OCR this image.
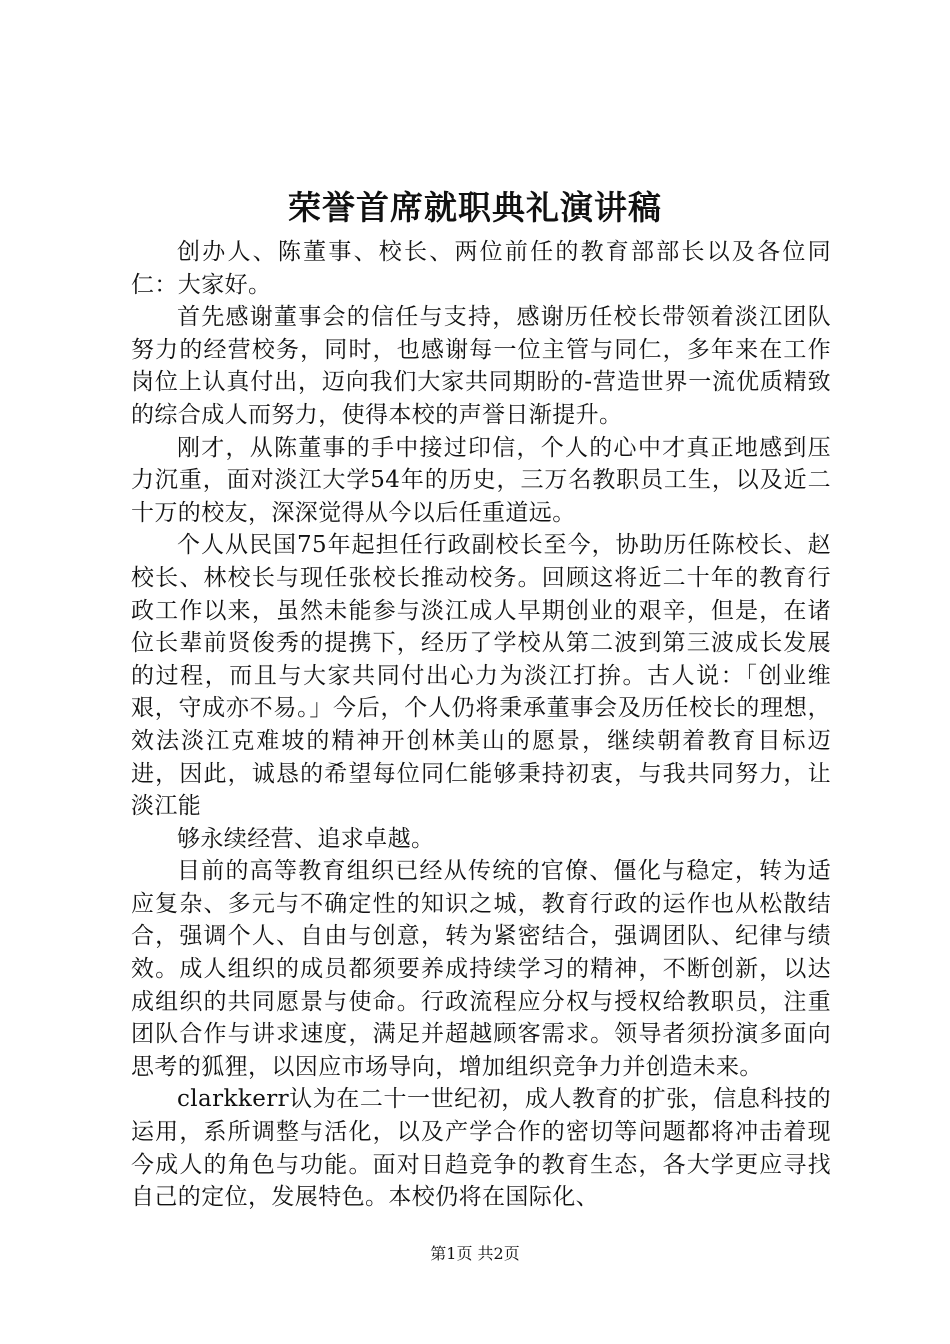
荣誉首席就职典礼演讲稿

创办人、陈董事、校长、两位前任的教育部部长以及各位同仁：大家好。

首先感谢董事会的信任与支持，感谢历任校长带领着淡江团队努力的经营校务，同时，也感谢每一位主管与同仁，多年来在工作岗位上认真付出，迈向我们大家共同期盼的-营造世界一流优质精致的综合成人而努力，使得本校的声誉日渐提升。

刚才，从陈董事的手中接过印信，个人的心中才真正地感到压力沉重，面对淡江大学54年的历史，三万名教职员工生，以及近二十万的校友，深深觉得从今以后任重道远。

个人从民国75年起担任行政副校长至今，协助历任陈校长、赵校长、林校长与现任张校长推动校务。回顾这将近二十年的教育行政工作以来，虽然未能参与淡江成人早期创业的艰辛，但是，在诸位长辈前贤俊秀的提携下，经历了学校从第二波到第三波成长发展的过程，而且与大家共同付出心力为淡江打拚。古人说：「创业维艰，守成亦不易。」今后，个人仍将秉承董事会及历任校长的理想，效法淡江克难坡的精神开创林美山的愿景，继续朝着教育目标迈进，因此，诚恳的希望每位同仁能够秉持初衷，与我共同努力，让淡江能

够永续经营、追求卓越。

目前的高等教育组织已经从传统的官僚、僵化与稳定，转为适应复杂、多元与不确定性的知识之城，教育行政的运作也从松散结合，强调个人、自由与创意，转为紧密结合，强调团队、纪律与绩效。成人组织的成员都须要养成持续学习的精神，不断创新，以达成组织的共同愿景与使命。行政流程应分权与授权给教职员，注重团队合作与讲求速度，满足并超越顾客需求。领导者须扮演多面向思考的狐狸，以因应市场导向，增加组织竞争力并创造未来。

clarkkerr认为在二十一世纪初，成人教育的扩张，信息科技的运用，系所调整与活化，以及产学合作的密切等问题都将冲击着现今成人的角色与功能。面对日趋竞争的教育生态，各大学更应寻找自己的定位，发展特色。本校仍将在国际化、

第1页 共2页
